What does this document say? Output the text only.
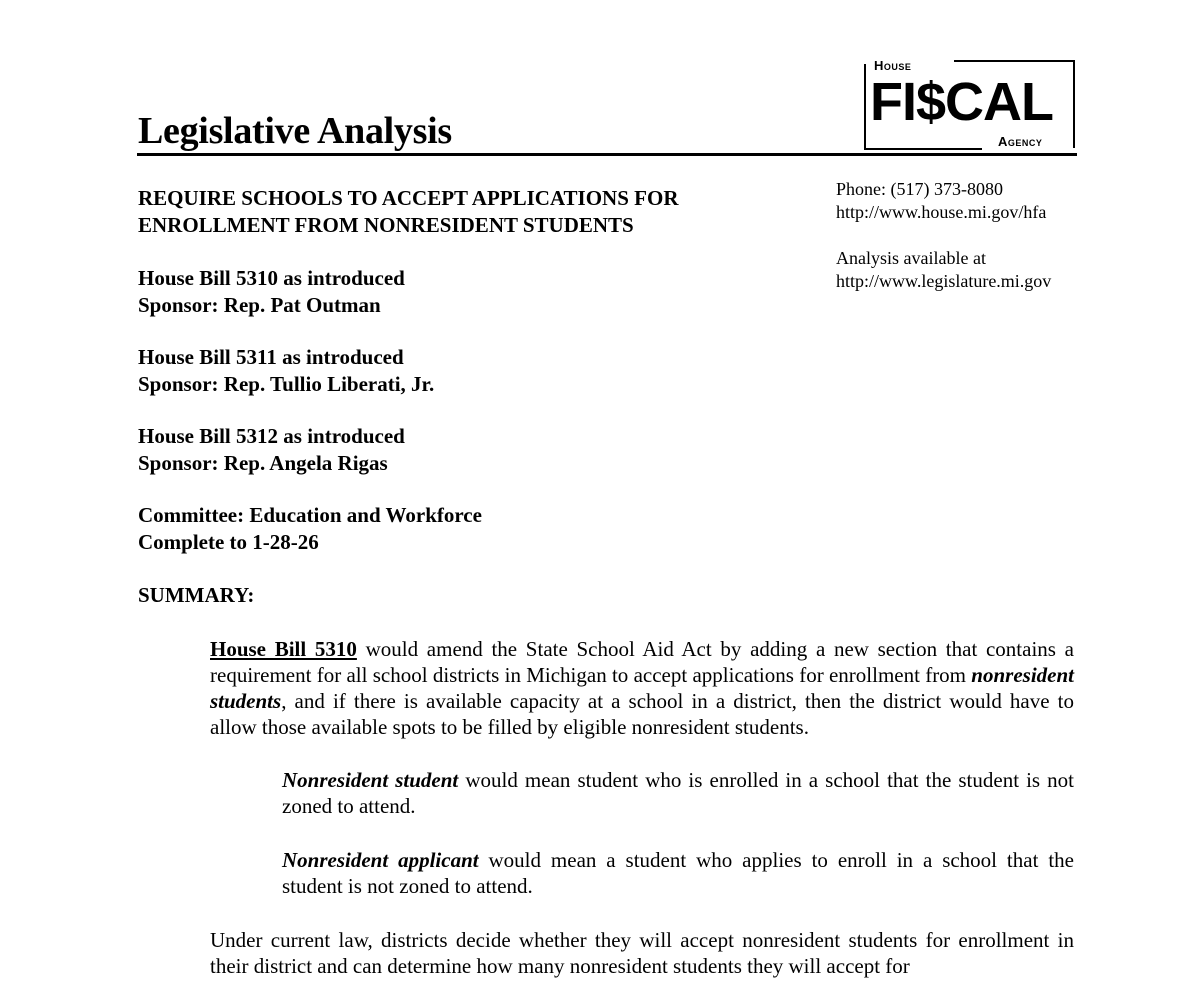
Legislative Analysis
House
FI$CAL
Agency
REQUIRE SCHOOLS TO ACCEPT APPLICATIONS FOR
ENROLLMENT FROM NONRESIDENT STUDENTS
Phone: (517) 373-8080
http://www.house.mi.gov/hfa
Analysis available at
http://www.legislature.mi.gov
House Bill 5310 as introduced
Sponsor: Rep. Pat Outman
House Bill 5311 as introduced
Sponsor: Rep. Tullio Liberati, Jr.
House Bill 5312 as introduced
Sponsor: Rep. Angela Rigas
Committee: Education and Workforce
Complete to 1-28-26
SUMMARY:
House Bill 5310 would amend the State School Aid Act by adding a new section that contains a requirement for all school districts in Michigan to accept applications for enrollment from nonresident students, and if there is available capacity at a school in a district, then the district would have to allow those available spots to be filled by eligible nonresident students.
Nonresident student would mean student who is enrolled in a school that the student is not zoned to attend.
Nonresident applicant would mean a student who applies to enroll in a school that the student is not zoned to attend.
Under current law, districts decide whether they will accept nonresident students for enrollment in their district and can determine how many nonresident students they will accept for
